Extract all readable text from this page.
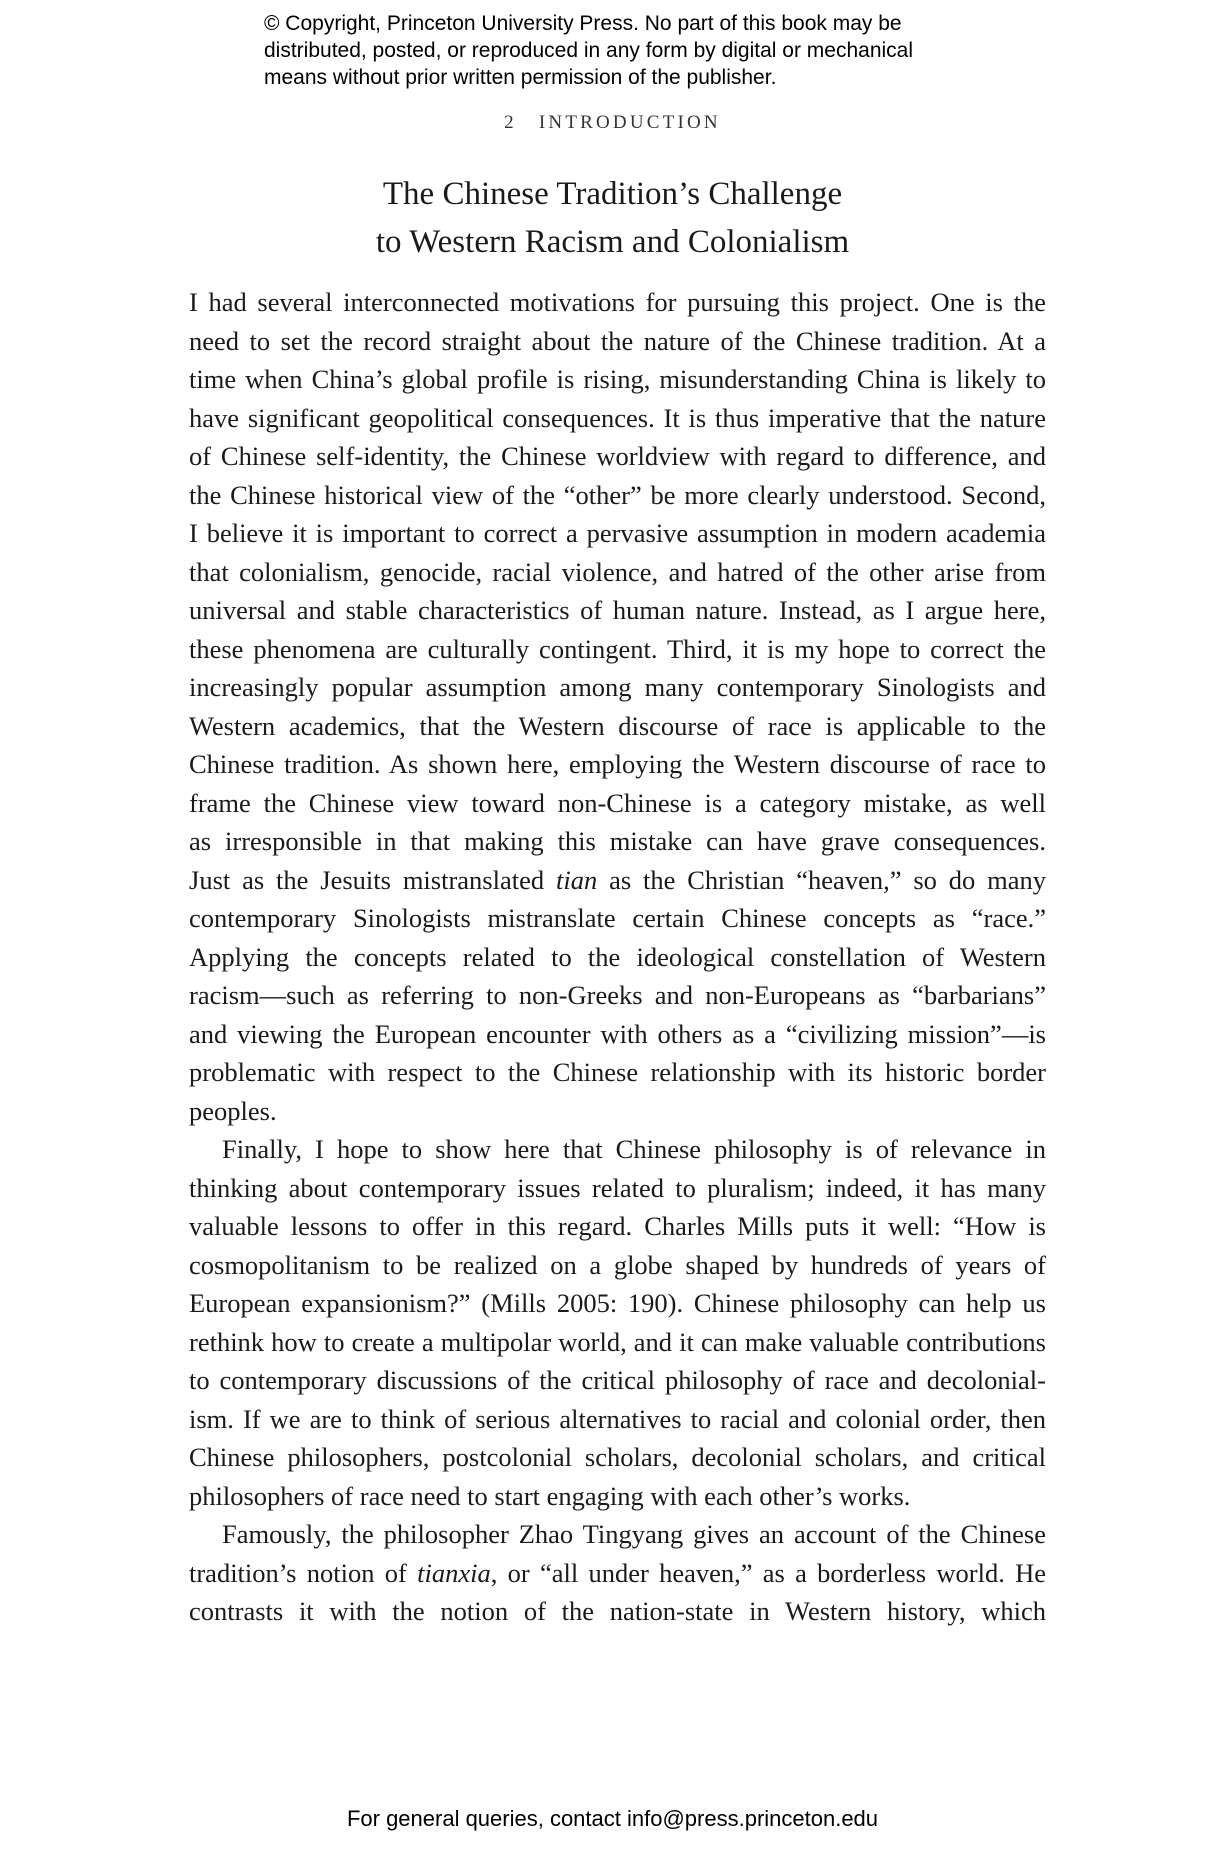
© Copyright, Princeton University Press. No part of this book may be
distributed, posted, or reproduced in any form by digital or mechanical
means without prior written permission of the publisher.
2 INTRODUCTION
The Chinese Tradition’s Challenge
to Western Racism and Colonialism
I had several interconnected motivations for pursuing this project. One is the
need to set the record straight about the nature of the Chinese tradition. At a
time when China’s global profile is rising, misunderstanding China is likely to
have significant geopolitical consequences. It is thus imperative that the nature
of Chinese self-identity, the Chinese worldview with regard to difference, and
the Chinese historical view of the “other” be more clearly understood. Second,
I believe it is important to correct a pervasive assumption in modern academia
that colonialism, genocide, racial violence, and hatred of the other arise from
universal and stable characteristics of human nature. Instead, as I argue here,
these phenomena are culturally contingent. Third, it is my hope to correct the
increasingly popular assumption among many contemporary Sinologists and
Western academics, that the Western discourse of race is applicable to the
Chinese tradition. As shown here, employing the Western discourse of race to
frame the Chinese view toward non-Chinese is a category mistake, as well
as irresponsible in that making this mistake can have grave consequences.
Just as the Jesuits mistranslated tian as the Christian “heaven,” so do many
contemporary Sinologists mistranslate certain Chinese concepts as “race.”
Applying the concepts related to the ideological constellation of Western
racism—such as referring to non-Greeks and non-Europeans as “barbarians”
and viewing the European encounter with others as a “civilizing mission”—is
problematic with respect to the Chinese relationship with its historic border
peoples.
Finally, I hope to show here that Chinese philosophy is of relevance in
thinking about contemporary issues related to pluralism; indeed, it has many
valuable lessons to offer in this regard. Charles Mills puts it well: “How is
cosmopolitanism to be realized on a globe shaped by hundreds of years of
European expansionism?” (Mills 2005: 190). Chinese philosophy can help us
rethink how to create a multipolar world, and it can make valuable contributions
to contemporary discussions of the critical philosophy of race and decolonial-
ism. If we are to think of serious alternatives to racial and colonial order, then
Chinese philosophers, postcolonial scholars, decolonial scholars, and critical
philosophers of race need to start engaging with each other’s works.
Famously, the philosopher Zhao Tingyang gives an account of the Chinese
tradition’s notion of tianxia, or “all under heaven,” as a borderless world. He
contrasts it with the notion of the nation-state in Western history, which
For general queries, contact info@press.princeton.edu
